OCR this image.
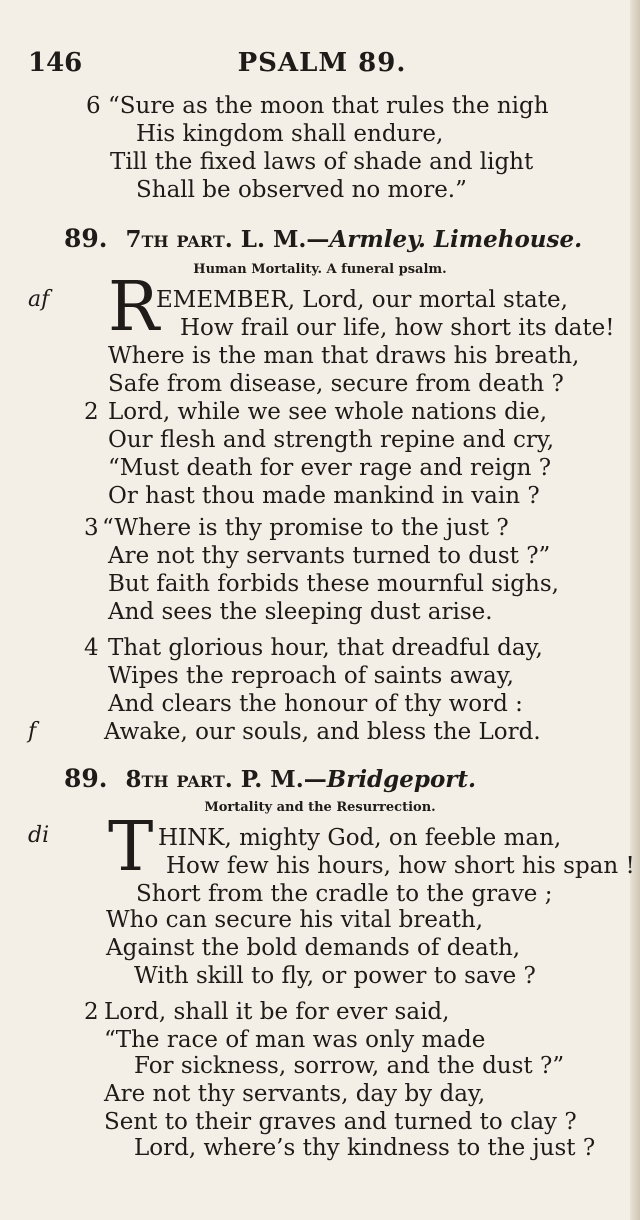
146	PSALM 89.
6 “Sure as the moon that rules the nigh
His kingdom shall endure,
Till the fixed laws of shade and light
Shall be observed no more.”
89. 7th part. L. M.—Armley. Limehouse.
Human Mortality. A funeral psalm.
af R
EMEMBER, Lord, our mortal state,
How frail our life, how short its date!
Where is the man that draws his breath,
Safe from disease, secure from death ?
2 Lord, while we see whole nations die,
Our flesh and strength repine and cry,
“Must death for ever rage and reign ?
Or hast thou made mankind in vain ?
3 “Where is thy promise to the just ?
Are not thy servants turned to dust ?”
But faith forbids these mournful sighs,
And sees the sleeping dust arise.
4 That glorious hour, that dreadful day,
Wipes the reproach of saints away,
And clears the honour of thy word :
f	Awake, our souls, and bless the Lord.
89. 8th part. P. M.—Bridgeport.
Mortality and the Resurrection.
di T HINK, mighty God, on feeble man,
How few his hours, how short his span !
Short from the cradle to the grave ;
Who can secure his vital breath,
Against the bold demands of death,
With skill to fly, or power to save ?
2 Lord, shall it be for ever said,
“The race of man was only made
For sickness, sorrow, and the dust ?”
Are not thy servants, day by day,
Sent to their graves and turned to clay ?
Lord, where’s thy kindness to the just ?
